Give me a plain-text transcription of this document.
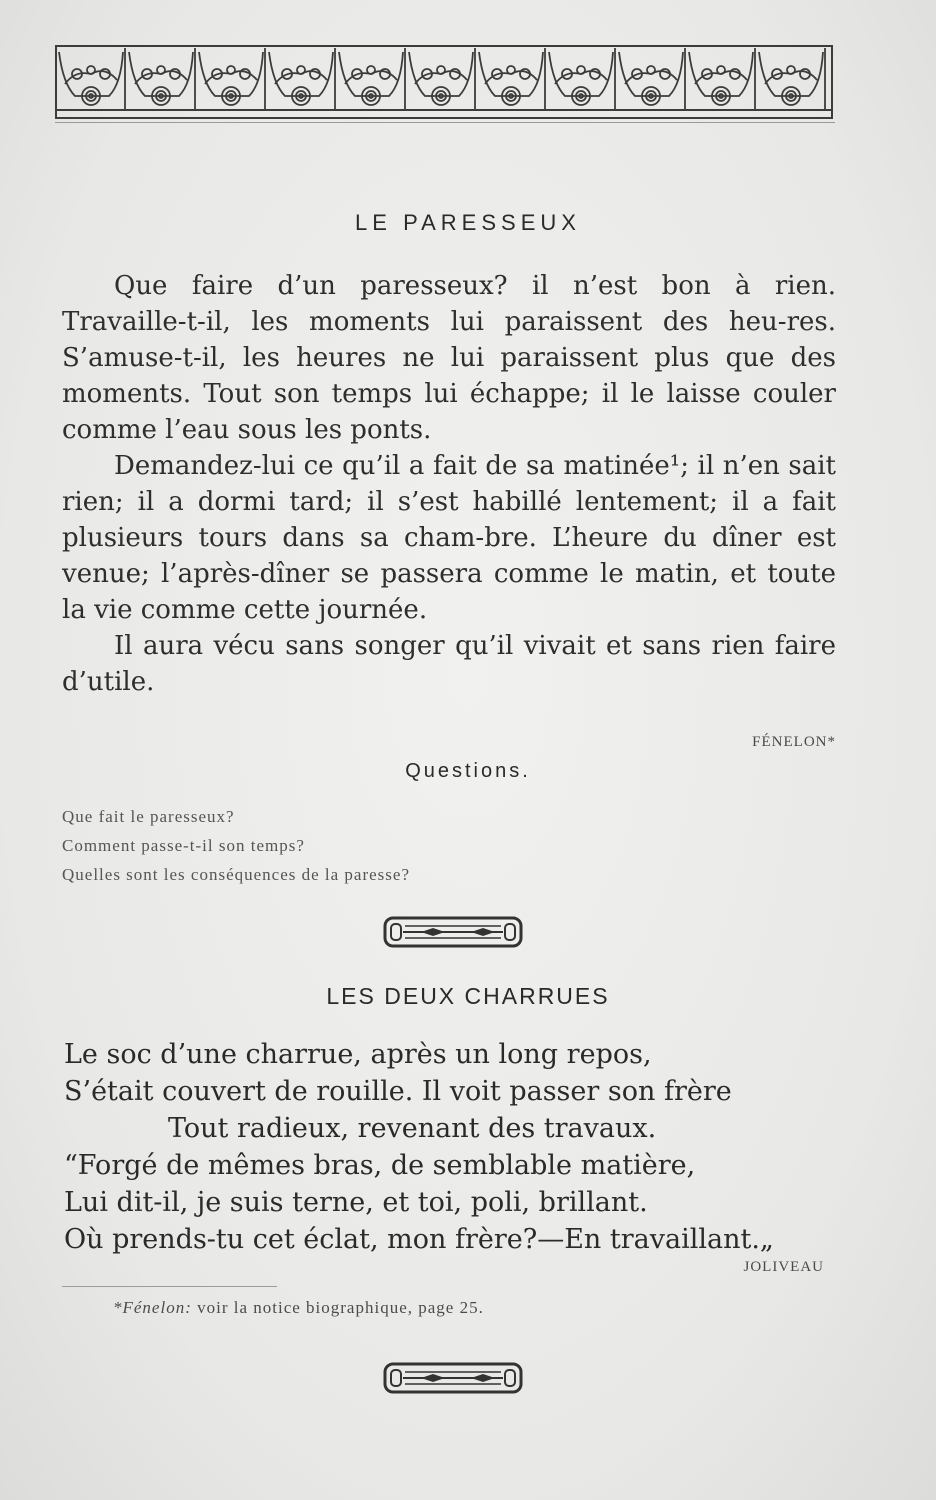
LE PARESSEUX

Que faire d’un paresseux? il n’est bon à rien. Travaille-t-il, les moments lui paraissent des heu-res. S’amuse-t-il, les heures ne lui paraissent plus que des moments. Tout son temps lui échappe; il le laisse couler comme l’eau sous les ponts.

Demandez-lui ce qu’il a fait de sa matinée¹; il n’en sait rien; il a dormi tard; il s’est habillé lentement; il a fait plusieurs tours dans sa cham-bre. L’heure du dîner est venue; l’après-dîner se passera comme le matin, et toute la vie comme cette journée.

Il aura vécu sans songer qu’il vivait et sans rien faire d’utile.

FÉNELON*
Questions.
Que fait le paresseux?
Comment passe-t-il son temps?
Quelles sont les conséquences de la paresse?
LES DEUX CHARRUES
Le soc d’une charrue, après un long repos,
S’était couvert de rouille. Il voit passer son frère
Tout radieux, revenant des travaux.
“Forgé de mêmes bras, de semblable matière,
Lui dit-il, je suis terne, et toi, poli, brillant.
Où prends-tu cet éclat, mon frère?—En travaillant.„
JOLIVEAU
*Fénelon: voir la notice biographique, page 25.
